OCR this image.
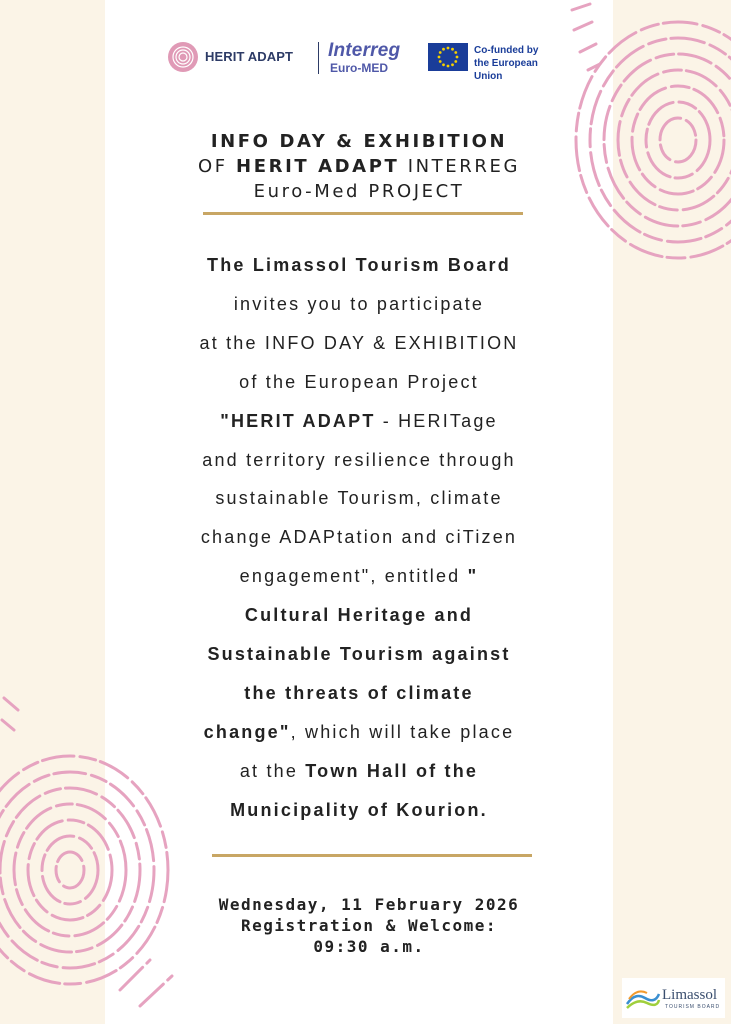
HERIT ADAPT Interreg
Euro-MED
Co-funded by
the European Union
INFO DAY & EXHIBITION
OF HERIT ADAPT INTERREG
Euro-Med PROJECT
The Limassol Tourism Board
invites you to participate
at the INFO DAY & EXHIBITION
of the European Project
"HERIT ADAPT - HERITage
and territory resilience through
sustainable Tourism, climate
change ADAPtation and ciTizen
engagement", entitled "
Cultural Heritage and
Sustainable Tourism against
the threats of climate
change", which will take place
at the Town Hall of the
Municipality of Kourion.
Wednesday, 11 February 2026
Registration & Welcome:
09:30 a.m.
Limassol
TOURISM BOARD
